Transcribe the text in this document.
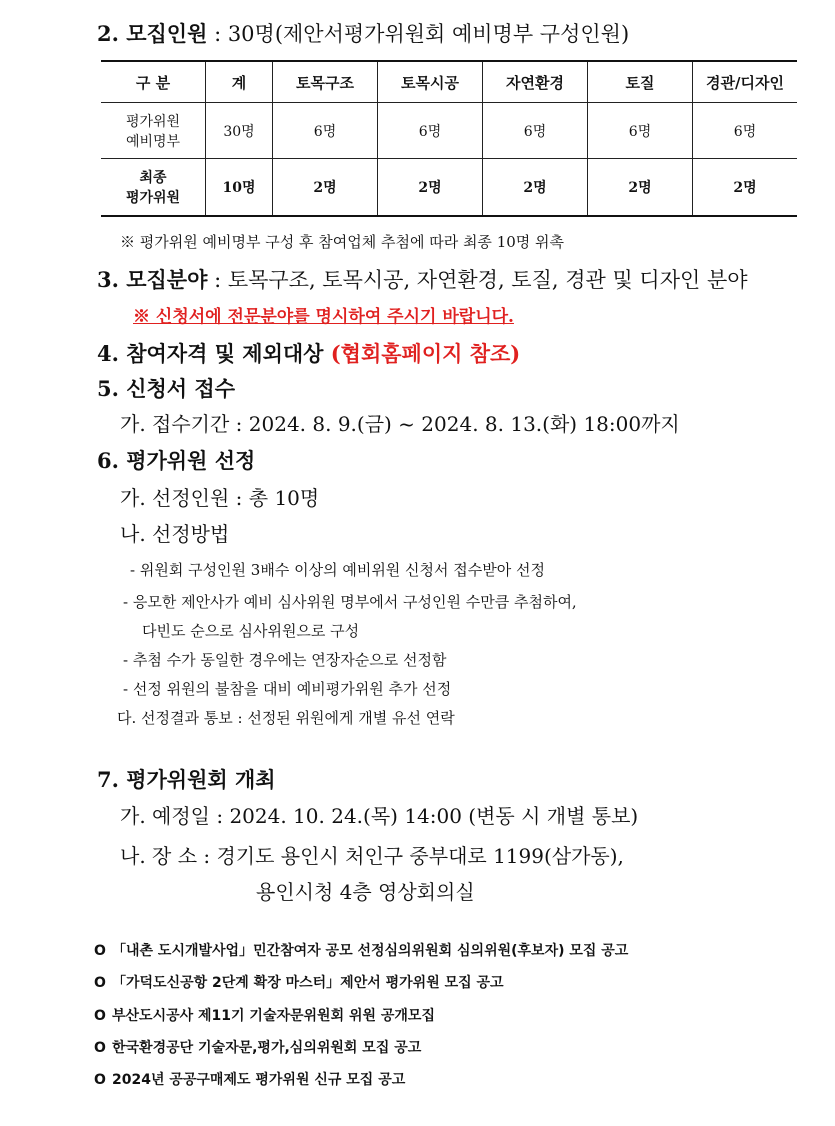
2. 모집인원 : 30명(제안서평가위원회 예비명부 구성인원)
구 분	계	토목구조	토목시공	자연환경	토질	경관/디자인

평가위원
예비명부	30명	6명	6명	6명	6명	6명

최종
평가위원	10명	2명	2명	2명	2명	2명
※ 평가위원 예비명부 구성 후 참여업체 추첨에 따라 최종 10명 위촉
3. 모집분야 : 토목구조, 토목시공, 자연환경, 토질, 경관 및 디자인 분야
※ 신청서에 전문분야를 명시하여 주시기 바랍니다.
4. 참여자격 및 제외대상 (협회홈페이지 참조)
5. 신청서 접수
가. 접수기간 : 2024. 8. 9.(금) ~ 2024. 8. 13.(화) 18:00까지
6. 평가위원 선정
가. 선정인원 : 총 10명
나. 선정방법
- 위원회 구성인원 3배수 이상의 예비위원 신청서 접수받아 선정
- 응모한 제안사가 예비 심사위원 명부에서 구성인원 수만큼 추첨하여,
다빈도 순으로 심사위원으로 구성
- 추첨 수가 동일한 경우에는 연장자순으로 선정함
- 선정 위원의 불참을 대비 예비평가위원 추가 선정
다. 선정결과 통보 : 선정된 위원에게 개별 유선 연락
7. 평가위원회 개최
가. 예정일 : 2024. 10. 24.(목) 14:00 (변동 시 개별 통보)
나. 장 소 : 경기도 용인시 처인구 중부대로 1199(삼가동),
용인시청 4층 영상회의실
O 「내촌 도시개발사업」민간참여자 공모 선정심의위원회 심의위원(후보자) 모집 공고
O 「가덕도신공항 2단계 확장 마스터」제안서 평가위원 모집 공고
O 부산도시공사 제11기 기술자문위원회 위원 공개모집
O 한국환경공단 기술자문,평가,심의위원회 모집 공고
O 2024년 공공구매제도 평가위원 신규 모집 공고
